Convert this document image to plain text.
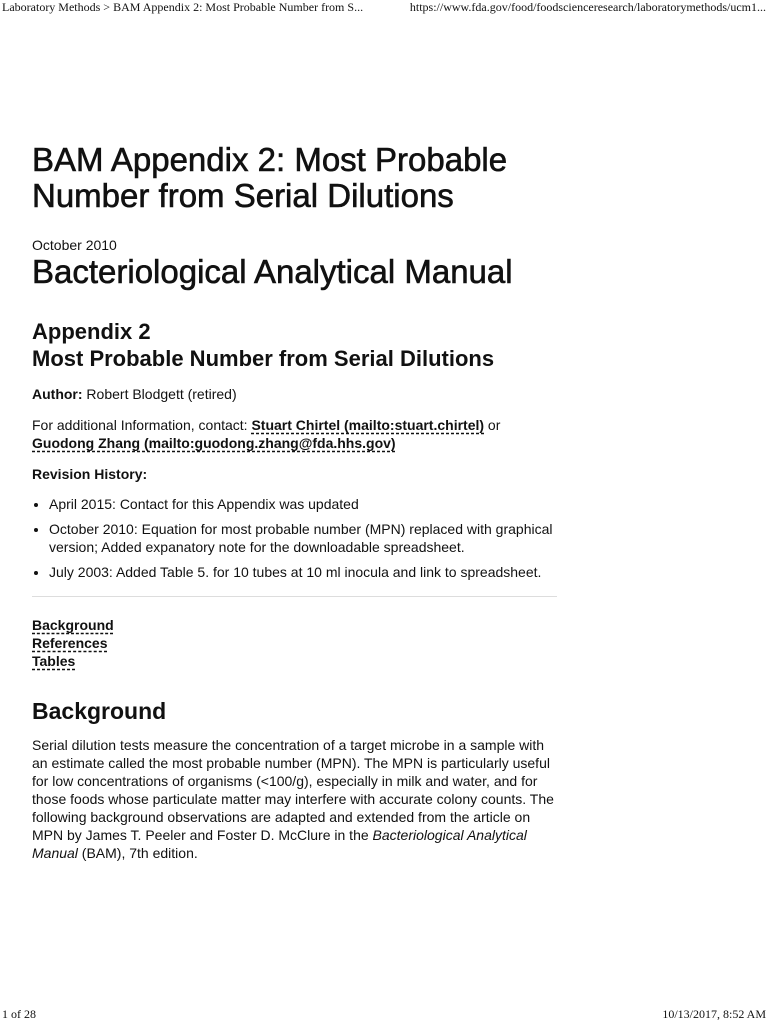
Laboratory Methods > BAM Appendix 2: Most Probable Number from S...	https://www.fda.gov/food/foodscienceresearch/laboratorymethods/ucm1...
BAM Appendix 2: Most Probable Number from Serial Dilutions
October 2010
Bacteriological Analytical Manual
Appendix 2
Most Probable Number from Serial Dilutions

Author: Robert Blodgett (retired)

For additional Information, contact: Stuart Chirtel (mailto:stuart.chirtel) or
Guodong Zhang (mailto:guodong.zhang@fda.hhs.gov)

Revision History:

• April 2015: Contact for this Appendix was updated
• October 2010: Equation for most probable number (MPN) replaced with graphical version; Added expanatory note for the downloadable spreadsheet.
• July 2003: Added Table 5. for 10 tubes at 10 ml inocula and link to spreadsheet.
Background
References
Tables
Background

Serial dilution tests measure the concentration of a target microbe in a sample with an estimate called the most probable number (MPN). The MPN is particularly useful for low concentrations of organisms (<100/g), especially in milk and water, and for those foods whose particulate matter may interfere with accurate colony counts. The following background observations are adapted and extended from the article on MPN by James T. Peeler and Foster D. McClure in the Bacteriological Analytical Manual (BAM), 7th edition.

1 of 28	10/13/2017, 8:52 AM
